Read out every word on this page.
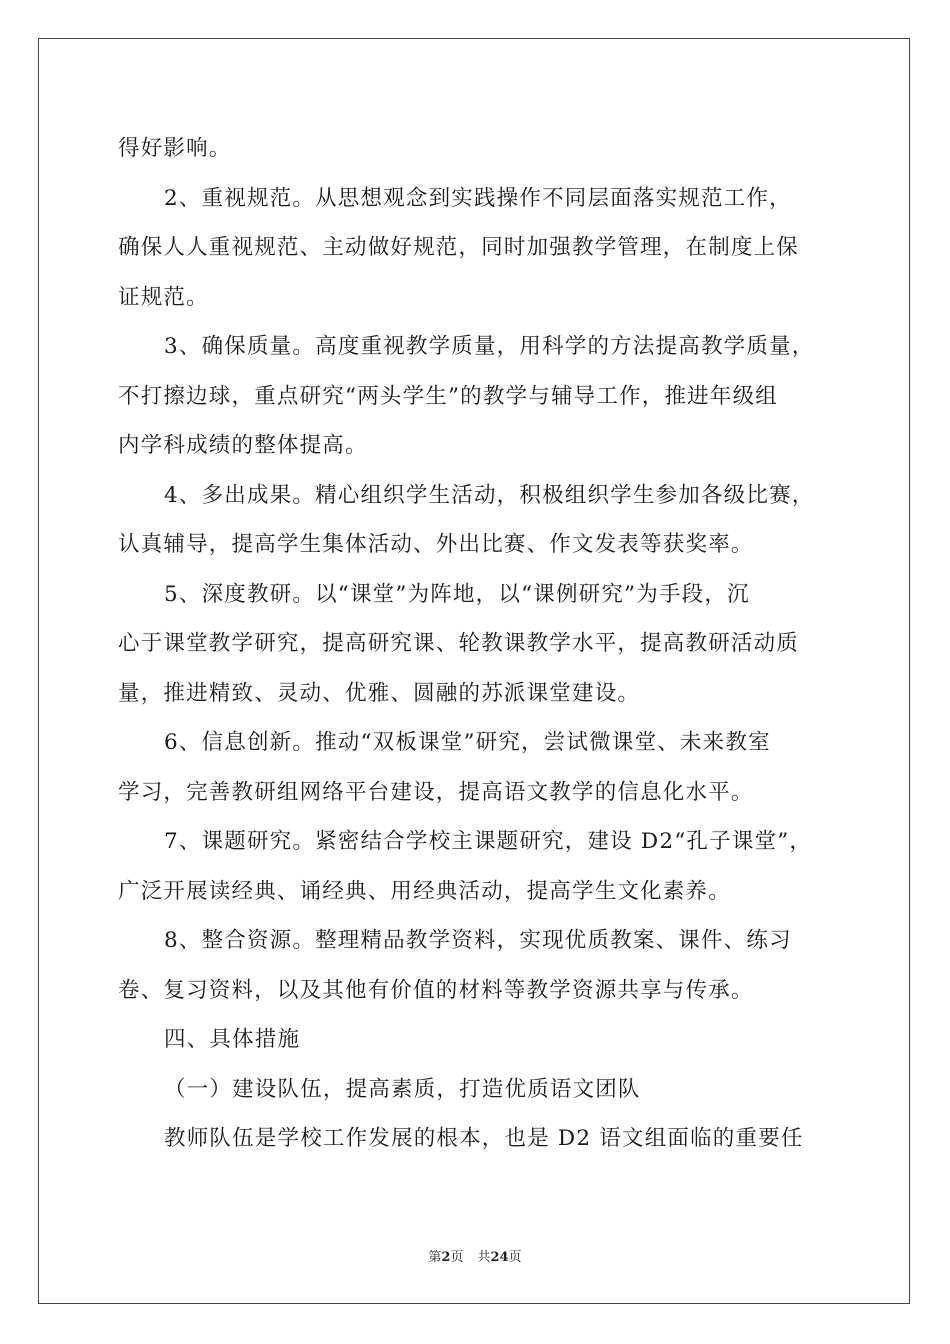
得好影响。
2、重视规范。从思想观念到实践操作不同层面落实规范工作，
确保人人重视规范、主动做好规范，同时加强教学管理，在制度上保
证规范。
3、确保质量。高度重视教学质量，用科学的方法提高教学质量，
不打擦边球，重点研究“两头学生”的教学与辅导工作，推进年级组
内学科成绩的整体提高。
4、多出成果。精心组织学生活动，积极组织学生参加各级比赛，
认真辅导，提高学生集体活动、外出比赛、作文发表等获奖率。
5、深度教研。以“课堂”为阵地，以“课例研究”为手段，沉
心于课堂教学研究，提高研究课、轮教课教学水平，提高教研活动质
量，推进精致、灵动、优雅、圆融的苏派课堂建设。
6、信息创新。推动“双板课堂”研究，尝试微课堂、未来教室
学习，完善教研组网络平台建设，提高语文教学的信息化水平。
7、课题研究。紧密结合学校主课题研究，建设 D2“孔子课堂”，
广泛开展读经典、诵经典、用经典活动，提高学生文化素养。
8、整合资源。整理精品教学资料，实现优质教案、课件、练习
卷、复习资料，以及其他有价值的材料等教学资源共享与传承。
四、具体措施
（一）建设队伍，提高素质，打造优质语文团队
教师队伍是学校工作发展的根本，也是 D2 语文组面临的重要任
第2页 共24页
